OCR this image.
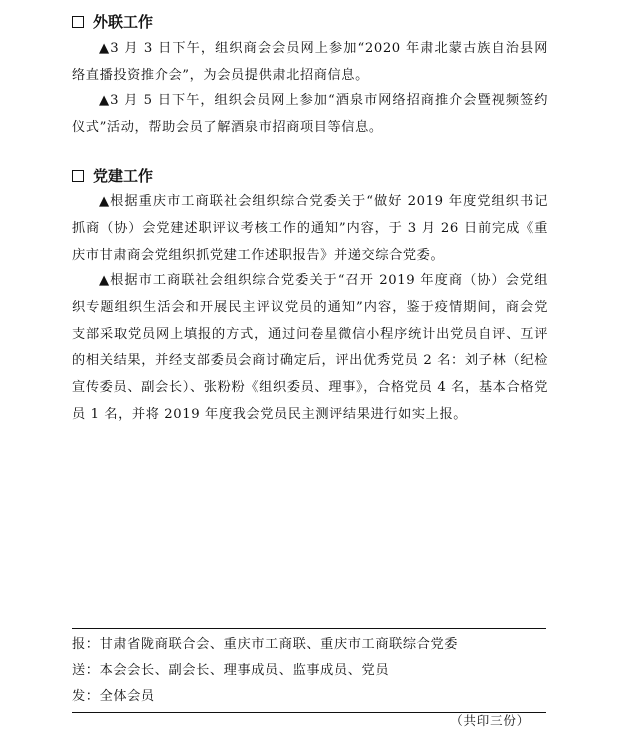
外联工作

▲3 月 3 日下午，组织商会会员网上参加“2020 年肃北蒙古族自治县网络直播投资推介会”，为会员提供肃北招商信息。

▲3 月 5 日下午，组织会员网上参加“酒泉市网络招商推介会暨视频签约仪式”活动，帮助会员了解酒泉市招商项目等信息。

党建工作

▲根据重庆市工商联社会组织综合党委关于“做好 2019 年度党组织书记抓商（协）会党建述职评议考核工作的通知”内容，于 3 月 26 日前完成《重庆市甘肃商会党组织抓党建工作述职报告》并递交综合党委。

▲根据市工商联社会组织综合党委关于“召开 2019 年度商（协）会党组织专题组织生活会和开展民主评议党员的通知”内容，鉴于疫情期间，商会党支部采取党员网上填报的方式，通过问卷星微信小程序统计出党员自评、互评的相关结果，并经支部委员会商讨确定后，评出优秀党员 2 名：刘子林（纪检宣传委员、副会长）、张粉粉《组织委员、理事》，合格党员 4 名，基本合格党员 1 名，并将 2019 年度我会党员民主测评结果进行如实上报。

报：甘肃省陇商联合会、重庆市工商联、重庆市工商联综合党委
送：本会会长、副会长、理事成员、监事成员、党员
发：全体会员
（共印三份）
